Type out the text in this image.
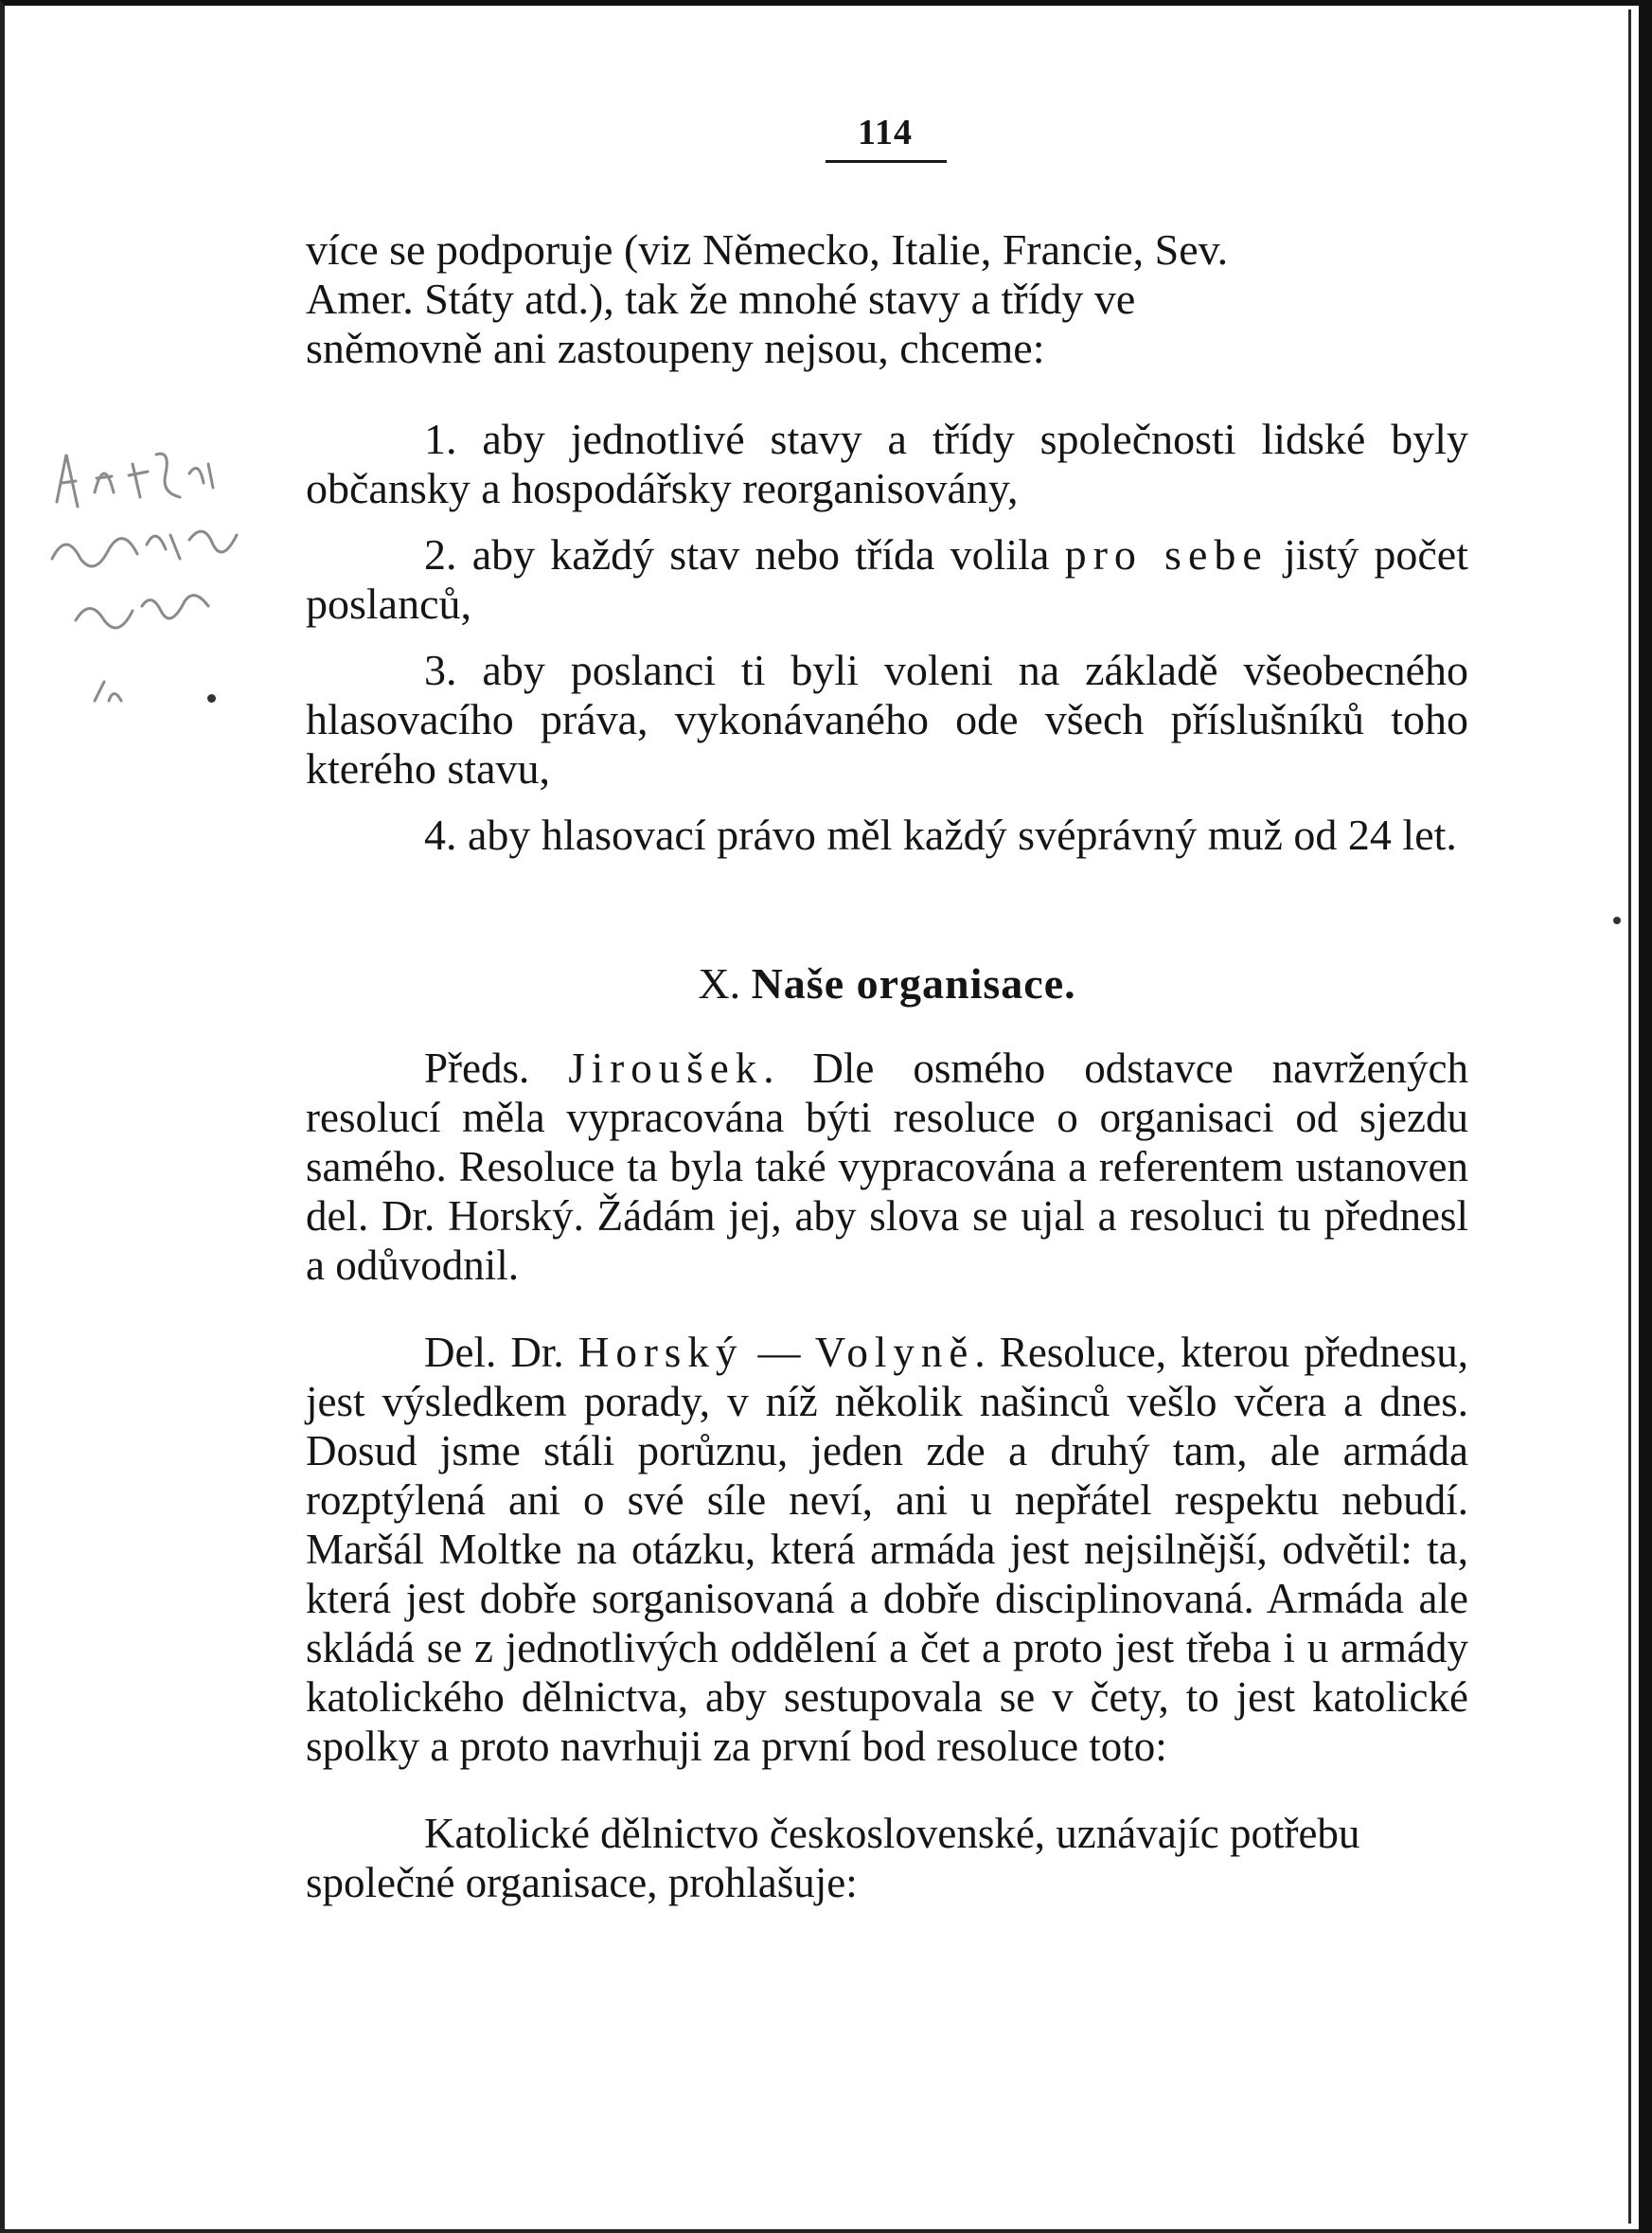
114

více se podporuje (viz Německo, Italie, Francie, Sev.

Amer. Státy atd.), tak že mnohé stavy a třídy ve

sněmovně ani zastoupeny nejsou, chceme:

1. aby jednotlivé stavy a třídy společnosti lidské byly občansky a hospodářsky reorganisovány,

2. aby každý stav nebo třída volila pro sebe jistý počet poslanců,

3. aby poslanci ti byli voleni na základě všeobecného hlasovacího práva, vykonávaného ode všech příslušníků toho kterého stavu,

4. aby hlasovací právo měl každý svéprávný muž od 24 let.

X. Naše organisace.

Předs. Jiroušek. Dle osmého odstavce navržených resolucí měla vypracována býti resoluce o organisaci od sjezdu samého. Resoluce ta byla také vypracována a referentem ustanoven del. Dr. Horský. Žádám jej, aby slova se ujal a resoluci tu přednesl a odůvodnil.

Del. Dr. Horský — Volyně. Resoluce, kterou přednesu, jest výsledkem porady, v níž několik našinců vešlo včera a dnes. Dosud jsme stáli porůznu, jeden zde a druhý tam, ale armáda rozptýlená ani o své síle neví, ani u nepřátel respektu nebudí. Maršál Moltke na otázku, která armáda jest nejsilnější, odvětil: ta, která jest dobře sorganisovaná a dobře disciplinovaná. Armáda ale skládá se z jednotlivých oddělení a čet a proto jest třeba i u armády katolického dělnictva, aby sestupovala se v čety, to jest katolické spolky a proto navrhuji za první bod resoluce toto:

Katolické dělnictvo československé, uznávajíc potřebu společné organisace, prohlašuje:
